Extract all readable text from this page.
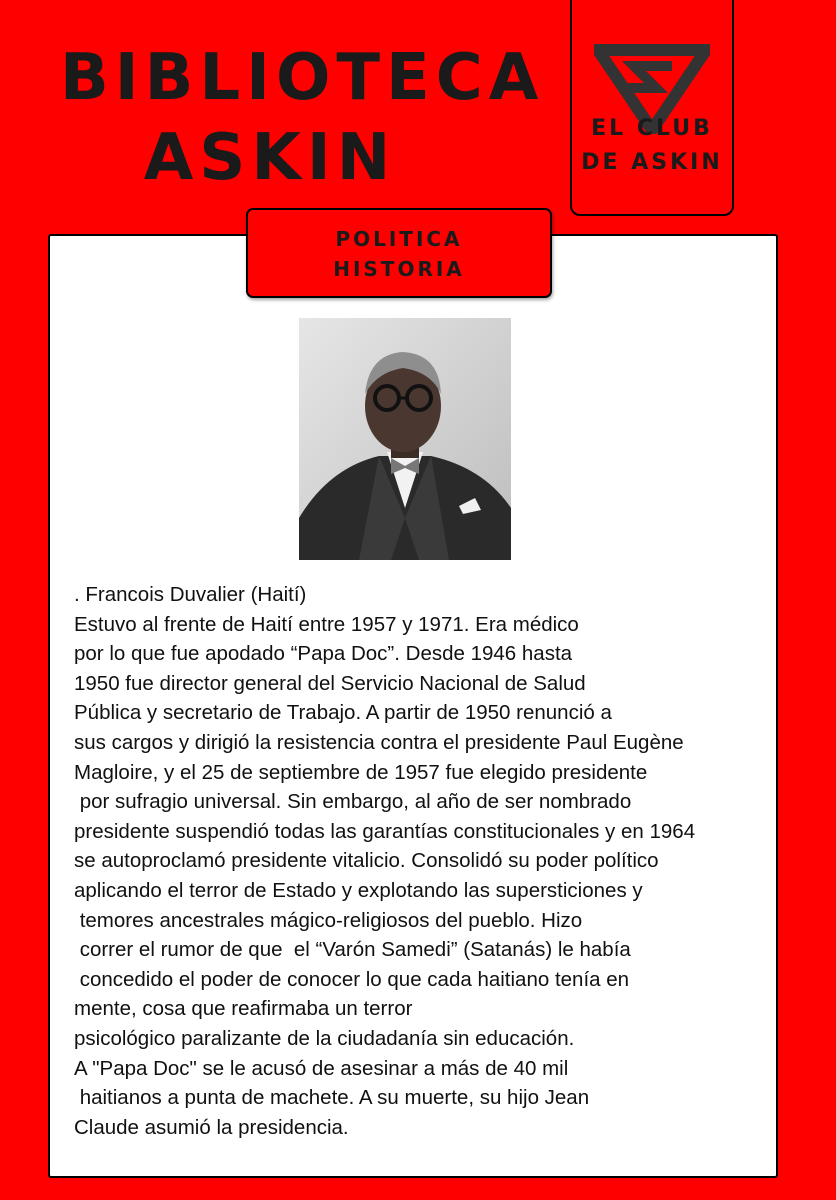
BIBLIOTECA
ASKIN	EL CLUB
DE ASKIN
POLITICA
HISTORIA
. Francois Duvalier (Haití)
Estuvo al frente de Haití entre 1957 y 1971. Era médico
por lo que fue apodado “Papa Doc”. Desde 1946 hasta
1950 fue director general del Servicio Nacional de Salud
Pública y secretario de Trabajo. A partir de 1950 renunció a
sus cargos y dirigió la resistencia contra el presidente Paul Eugène
Magloire, y el 25 de septiembre de 1957 fue elegido presidente
por sufragio universal. Sin embargo, al año de ser nombrado
presidente suspendió todas las garantías constitucionales y en 1964
se autoproclamó presidente vitalicio. Consolidó su poder político
aplicando el terror de Estado y explotando las supersticiones y
temores ancestrales mágico-religiosos del pueblo. Hizo
correr el rumor de que  el “Varón Samedi” (Satanás) le había
concedido el poder de conocer lo que cada haitiano tenía en
mente, cosa que reafirmaba un terror
psicológico paralizante de la ciudadanía sin educación.
A "Papa Doc" se le acusó de asesinar a más de 40 mil
haitianos a punta de machete. A su muerte, su hijo Jean
Claude asumió la presidencia.
